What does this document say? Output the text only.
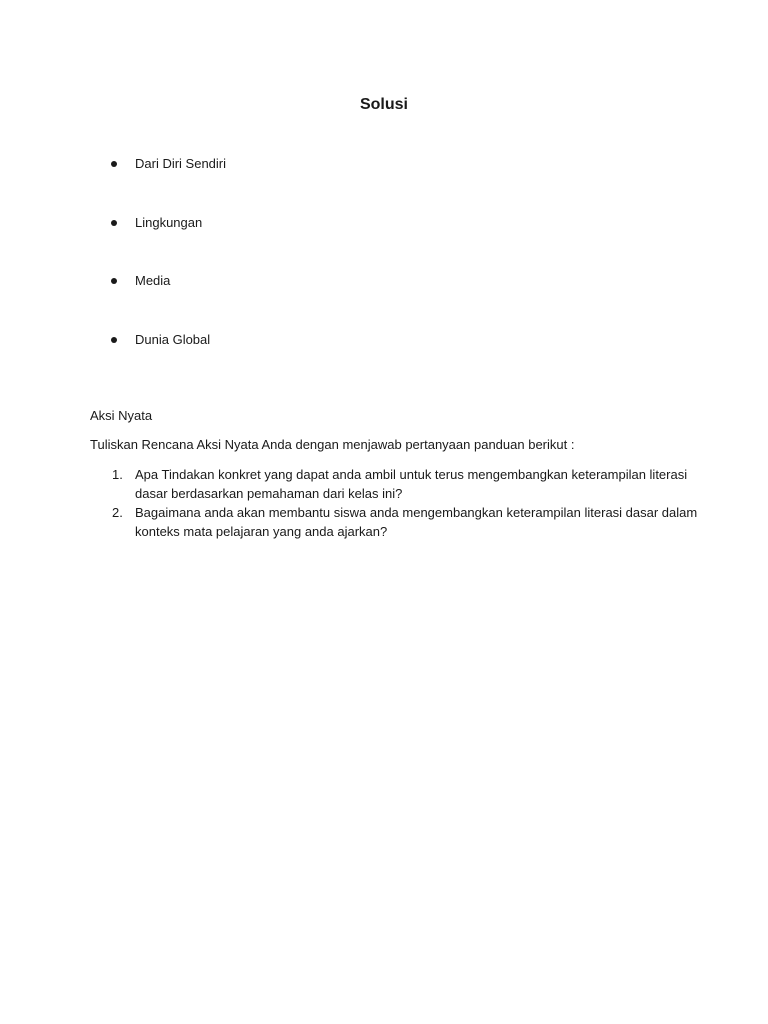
Solusi
Dari Diri Sendiri
Lingkungan
Media
Dunia Global
Aksi Nyata
Tuliskan Rencana Aksi Nyata Anda dengan menjawab pertanyaan panduan berikut :
1. Apa Tindakan konkret yang dapat anda ambil untuk terus mengembangkan keterampilan literasi dasar berdasarkan pemahaman dari kelas ini?
2. Bagaimana anda akan membantu siswa anda mengembangkan keterampilan literasi dasar dalam konteks mata pelajaran yang anda ajarkan?
